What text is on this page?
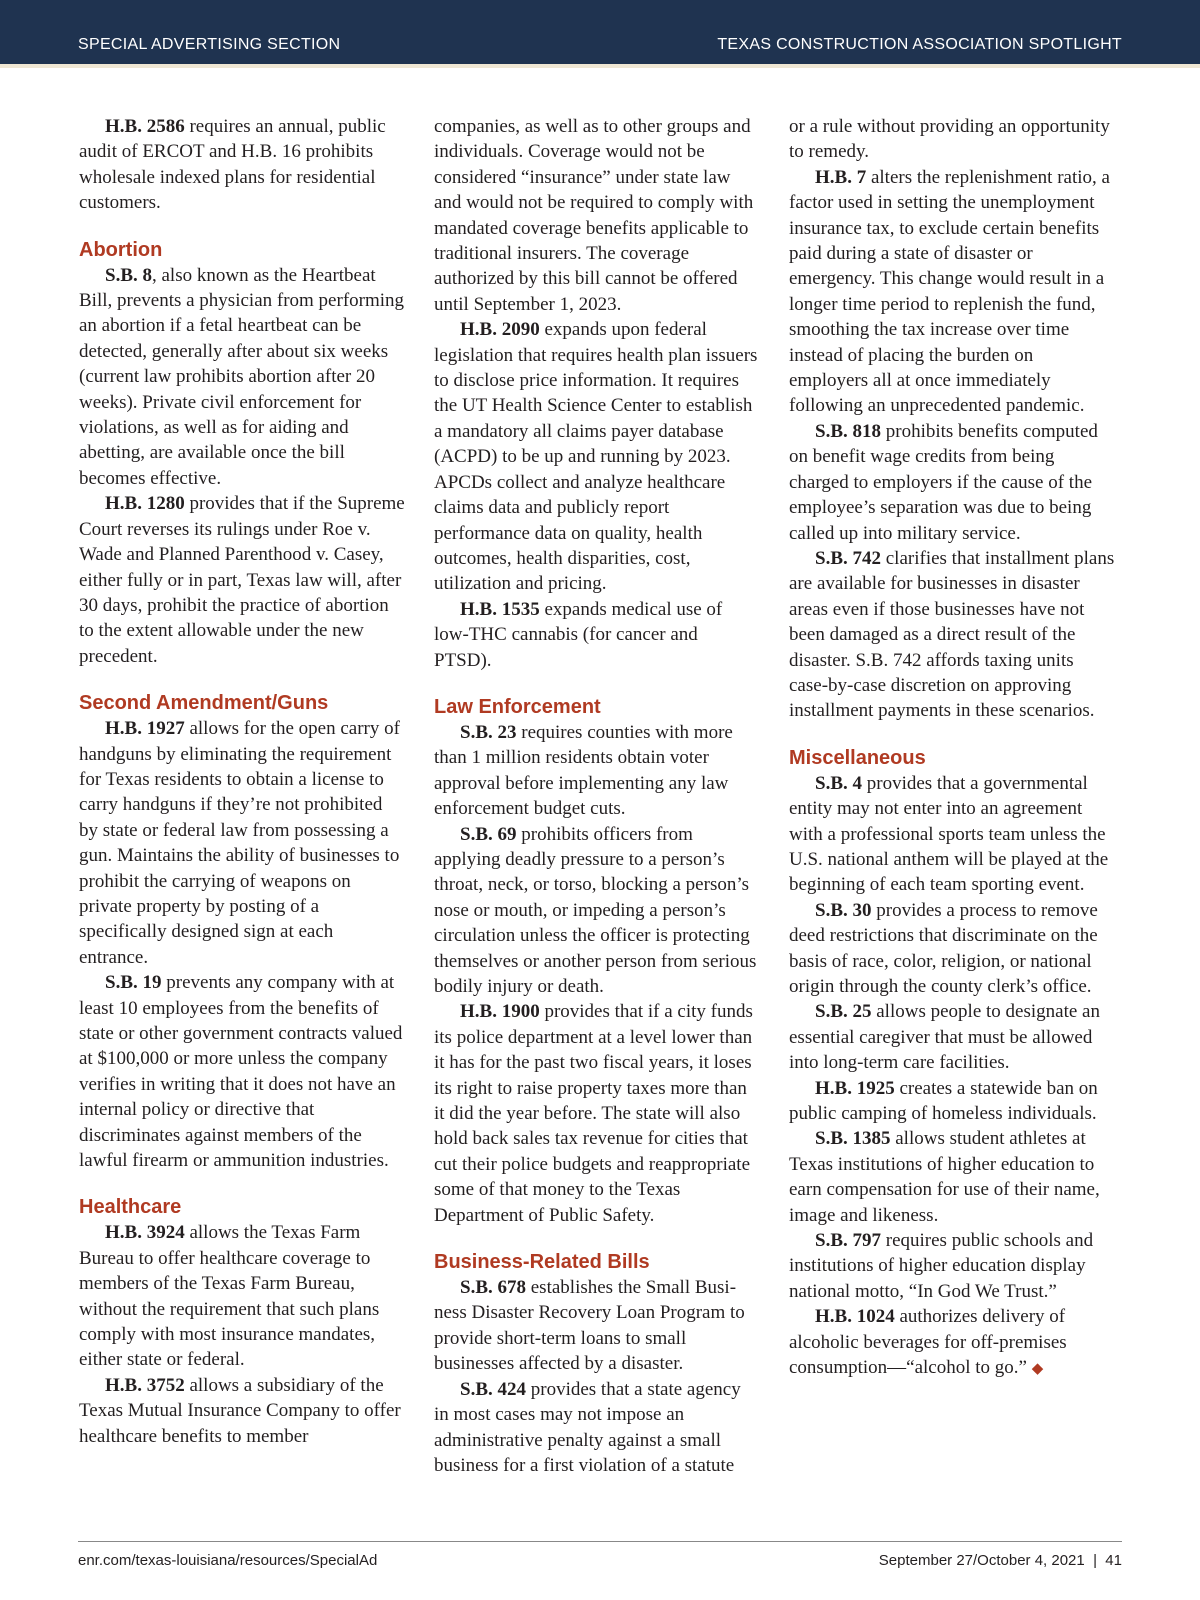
SPECIAL ADVERTISING SECTION	TEXAS CONSTRUCTION ASSOCIATION SPOTLIGHT

H.B. 2586 requires an annual, public audit of ERCOT and H.B. 16 prohibits wholesale indexed plans for residential customers.

Abortion

S.B. 8, also known as the Heartbeat Bill, prevents a physician from performing an abortion if a fetal heartbeat can be detected, generally after about six weeks (current law prohibits abortion after 20 weeks). Private civil enforcement for violations, as well as for aiding and abetting, are available once the bill becomes effective.

H.B. 1280 provides that if the Supreme Court reverses its rulings under Roe v. Wade and Planned Parenthood v. Casey, either fully or in part, Texas law will, after 30 days, prohibit the practice of abortion to the extent allowable under the new precedent.

Second Amendment/Guns

H.B. 1927 allows for the open carry of handguns by eliminating the requirement for Texas residents to obtain a license to carry handguns if they’re not prohibited by state or federal law from possessing a gun. Maintains the ability of businesses to prohibit the carrying of weapons on private property by posting of a specifically designed sign at each entrance.

S.B. 19 prevents any company with at least 10 employees from the benefits of state or other government contracts valued at $100,000 or more unless the company verifies in writing that it does not have an internal policy or directive that discriminates against members of the lawful firearm or ammunition industries.

Healthcare

H.B. 3924 allows the Texas Farm Bureau to offer healthcare coverage to members of the Texas Farm Bureau, without the requirement that such plans comply with most insurance mandates, either state or federal.

H.B. 3752 allows a subsidiary of the Texas Mutual Insurance Company to offer healthcare benefits to member

companies, as well as to other groups and individuals. Coverage would not be considered “insurance” under state law and would not be required to comply with mandated coverage benefits applicable to traditional insurers. The coverage authorized by this bill cannot be offered until September 1, 2023.

H.B. 2090 expands upon federal legislation that requires health plan issuers to disclose price information. It requires the UT Health Science Center to establish a mandatory all claims payer database (ACPD) to be up and running by 2023. APCDs collect and analyze healthcare claims data and publicly report performance data on quality, health outcomes, health disparities, cost, utilization and pricing.

H.B. 1535 expands medical use of low-THC cannabis (for cancer and PTSD).

Law Enforcement

S.B. 23 requires counties with more than 1 million residents obtain voter approval before implementing any law enforcement budget cuts.

S.B. 69 prohibits officers from applying deadly pressure to a person’s throat, neck, or torso, blocking a person’s nose or mouth, or impeding a person’s circulation unless the officer is protecting themselves or another person from serious bodily injury or death.

H.B. 1900 provides that if a city funds its police department at a level lower than it has for the past two fiscal years, it loses its right to raise property taxes more than it did the year before. The state will also hold back sales tax revenue for cities that cut their police budgets and reappropriate some of that money to the Texas Department of Public Safety.

Business-Related Bills

S.B. 678 establishes the Small Business Disaster Recovery Loan Program to provide short-term loans to small businesses affected by a disaster.

S.B. 424 provides that a state agency in most cases may not impose an administrative penalty against a small business for a first violation of a statute

or a rule without providing an opportunity to remedy.

H.B. 7 alters the replenishment ratio, a factor used in setting the unemployment insurance tax, to exclude certain benefits paid during a state of disaster or emergency. This change would result in a longer time period to replenish the fund, smoothing the tax increase over time instead of placing the burden on employers all at once immediately following an unprecedented pandemic.

S.B. 818 prohibits benefits computed on benefit wage credits from being charged to employers if the cause of the employee’s separation was due to being called up into military service.

S.B. 742 clarifies that installment plans are available for businesses in disaster areas even if those businesses have not been damaged as a direct result of the disaster. S.B. 742 affords taxing units case-by-case discretion on approving installment payments in these scenarios.

Miscellaneous

S.B. 4 provides that a governmental entity may not enter into an agreement with a professional sports team unless the U.S. national anthem will be played at the beginning of each team sporting event.

S.B. 30 provides a process to remove deed restrictions that discriminate on the basis of race, color, religion, or national origin through the county clerk’s office.

S.B. 25 allows people to designate an essential caregiver that must be allowed into long-term care facilities.

H.B. 1925 creates a statewide ban on public camping of homeless individuals.

S.B. 1385 allows student athletes at Texas institutions of higher education to earn compensation for use of their name, image and likeness.

S.B. 797 requires public schools and institutions of higher education display national motto, “In God We Trust.”

H.B. 1024 authorizes delivery of alcoholic beverages for off-premises consumption—“alcohol to go.” ◆

enr.com/texas-louisiana/resources/SpecialAd	September 27/October 4, 2021  |  41
